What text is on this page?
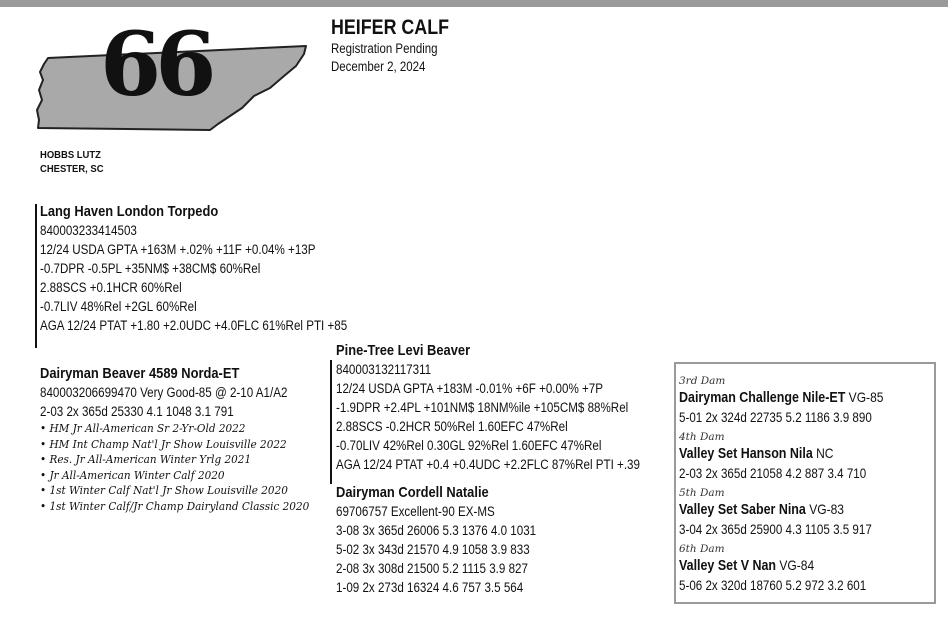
66	HEIFER CALF
Registration Pending
December 2, 2024
HOBBS LUTZ
CHESTER, SC
Lang Haven London Torpedo
840003233414503
12/24 USDA GPTA +163M +.02% +11F +0.04% +13P
-0.7DPR -0.5PL +35NM$ +38CM$ 60%Rel
2.88SCS +0.1HCR 60%Rel
-0.7LIV 48%Rel +2GL 60%Rel
AGA 12/24 PTAT +1.80 +2.0UDC +4.0FLC 61%Rel PTI +85
Dairyman Beaver 4589 Norda-ET
840003206699470 Very Good-85 @ 2-10 A1/A2
2-03 2x 365d 25330 4.1 1048 3.1 791
• HM Jr All-American Sr 2-Yr-Old 2022
• HM Int Champ Nat'l Jr Show Louisville 2022
• Res. Jr All-American Winter Yrlg 2021
• Jr All-American Winter Calf 2020
• 1st Winter Calf Nat'l Jr Show Louisville 2020
• 1st Winter Calf/Jr Champ Dairyland Classic 2020
Pine-Tree Levi Beaver
840003132117311
12/24 USDA GPTA +183M -0.01% +6F +0.00% +7P
-1.9DPR +2.4PL +101NM$ 18NM%ile +105CM$ 88%Rel
2.88SCS -0.2HCR 50%Rel 1.60EFC 47%Rel
-0.70LIV 42%Rel 0.30GL 92%Rel 1.60EFC 47%Rel
AGA 12/24 PTAT +0.4 +0.4UDC +2.2FLC 87%Rel PTI +.39
Dairyman Cordell Natalie
69706757 Excellent-90 EX-MS
3-08 3x 365d 26006 5.3 1376 4.0 1031
5-02 3x 343d 21570 4.9 1058 3.9 833
2-08 3x 308d 21500 5.2 1115 3.9 827
1-09 2x 273d 16324 4.6 757 3.5 564
3rd Dam
Dairyman Challenge Nile-ET VG-85
5-01 2x 324d 22735 5.2 1186 3.9 890
4th Dam
Valley Set Hanson Nila NC
2-03 2x 365d 21058 4.2 887 3.4 710
5th Dam
Valley Set Saber Nina VG-83
3-04 2x 365d 25900 4.3 1105 3.5 917
6th Dam
Valley Set V Nan VG-84
5-06 2x 320d 18760 5.2 972 3.2 601
